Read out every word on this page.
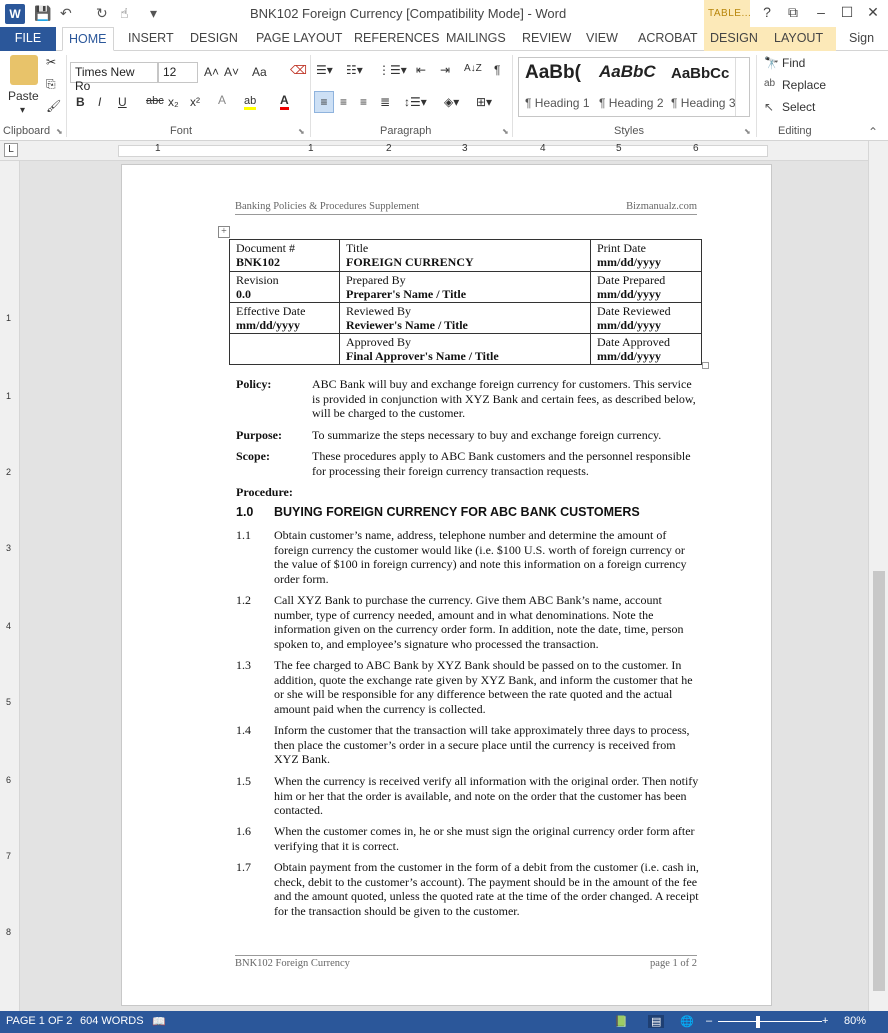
W 💾 ↶ ↻ ☝ ▾	BNK102 Foreign Currency [Compatibility Mode] - Word	TABLE... ?	⧉	–	☐ ✕
FILE	HOME	INSERT	DESIGN	PAGE LAYOUT REFERENCES MAILINGS	REVIEW	VIEW	ACROBAT	DESIGN	LAYOUT	Sign
Paste
▾
✂
⎘
🖌
Clipboard ⬊
Times New Ro
12	A˄ A˅ Aa ⌫
B I U abc x₂ x² A ab A
Font	⬊
☰▾ ☷▾ ⋮☰▾ ⇤ ⇥ A↓Z ¶
≡	≡ ≡ ≣ ↕☰▾ ◈▾ ⊞▾
Paragraph	⬊
AaBb(
¶ Heading 1
AaBbC
¶ Heading 2
AaBbCc
¶ Heading 3
Styles	⬊
🔭 Find
ab Replace
↖ Select
Editing	⌃
L	1	1	2	3	4	5	6
1
1
2
3
4
5
6
7
8
Banking Policies & Procedures Supplement	Bizmanualz.com
+
Document #
BNK102	Title
FOREIGN CURRENCY	Print Date
mm/dd/yyyy

Revision
0.0	Prepared By
Preparer's Name / Title	Date Prepared
mm/dd/yyyy

Effective Date
mm/dd/yyyy	Reviewed By
Reviewer's Name / Title	Date Reviewed
mm/dd/yyyy

	Approved By
Final Approver's Name / Title	Date Approved
mm/dd/yyyy
Policy:	ABC Bank will buy and exchange foreign currency for customers. This service is provided in conjunction with XYZ Bank and certain fees, as described below, will be charged to the customer.
Purpose:	To summarize the steps necessary to buy and exchange foreign currency.
Scope:	These procedures apply to ABC Bank customers and the personnel responsible for processing their foreign currency transaction requests.
Procedure:
1.0 BUYING FOREIGN CURRENCY FOR ABC BANK CUSTOMERS
1.1 Obtain customer’s name, address, telephone number and determine the amount of foreign currency the customer would like (i.e. $100 U.S. worth of foreign currency or the value of $100 in foreign currency) and note this information on a foreign currency order form.
1.2 Call XYZ Bank to purchase the currency. Give them ABC Bank’s name, account number, type of currency needed, amount and in what denominations. Note the information given on the currency order form. In addition, note the date, time, person spoken to, and employee’s signature who processed the transaction.
1.3 The fee charged to ABC Bank by XYZ Bank should be passed on to the customer. In addition, quote the exchange rate given by XYZ Bank, and inform the customer that he or she will be responsible for any difference between the rate quoted and the actual amount paid when the currency is collected.
1.4 Inform the customer that the transaction will take approximately three days to process, then place the customer’s order in a secure place until the currency is received from XYZ Bank.
1.5 When the currency is received verify all information with the original order. Then notify him or her that the order is available, and note on the order that the customer has been contacted.
1.6 When the customer comes in, he or she must sign the original currency order form after verifying that it is correct.
1.7 Obtain payment from the customer in the form of a debit from the customer (i.e. cash in, check, debit to the customer’s account). The payment should be in the amount of the fee and the amount quoted, unless the quoted rate at the time of the order changed. A receipt for the transaction should be given to the customer.
BNK102 Foreign Currency	page 1 of 2
PAGE 1 OF 2 604 WORDS 📖	📗 ▤ 🌐 –	+ 80%
